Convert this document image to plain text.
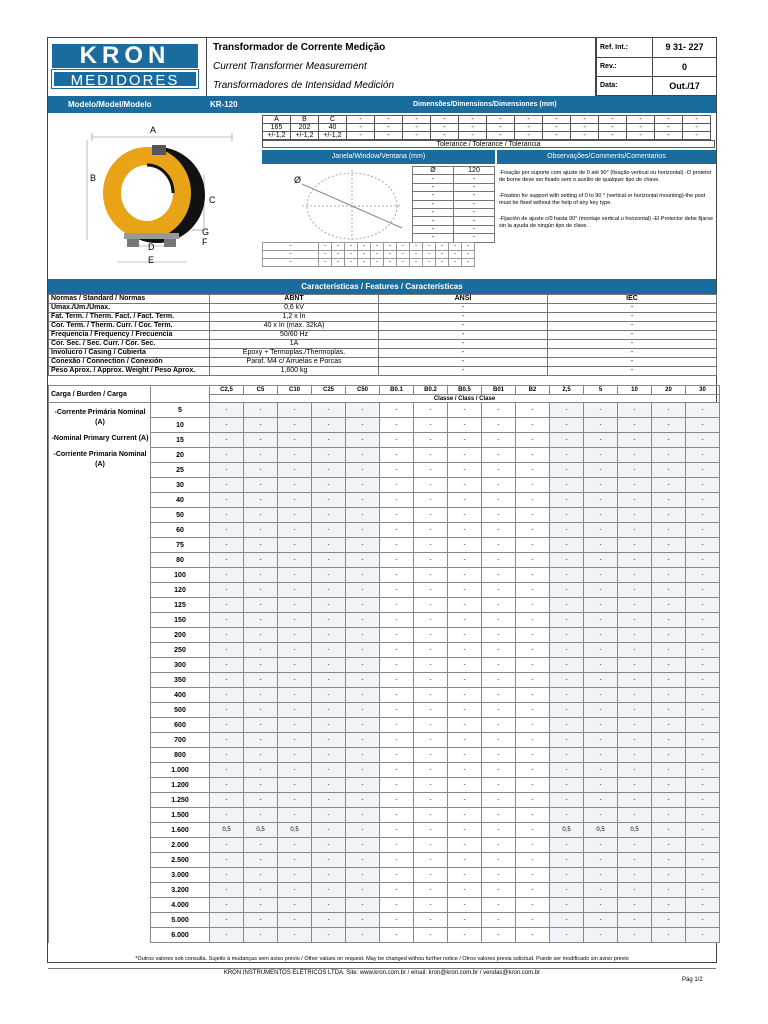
KRON
MEDIDORES
Transformador de Corrente Medição
Current Transformer Measurement
Transformadores de Intensidad Medición
Ref. Int.:	9 31- 227
Rev.:	0
Data:	Out./17
Modelo/Model/Modelo	KR-120	Dimensões/Dimensions/Dimensiones (mm)
A
B
C
D
E
F
G
A	B	C	-	-	-	-	-	-	-	-	-	-	-	-	-
165	202	40	-	-	-	-	-	-	-	-	-	-	-	-	-
+/-1,2	+/-1,2	+/-1,2	-	-	-	-	-	-	-	-	-	-	-	-	-
Tolerance / Tolerance / Tolerancia
Janela/Window/Ventana (mm)	Observações/Comments/Comentarios
Ø
Ø	120
-	-
-	-
-	-
-	-
-	-
-	-
-	-
-	-
-	-	-	-	-	-	-	-	-	-	-	-	-
-	-	-	-	-	-	-	-	-	-	-	-	-
-	-	-	-	-	-	-	-	-	-	-	-	-

-Fixação por suporte com ajuste de 0 até 90° (fixação vertical ou horizontal) -O protetor de borne deve ser fixado sem o auxílio de qualquer tipo de chave.

-Fixation for support with setting of 0 to 90 ° (vertical or horizontal mounting)-the post must be fixed without the help of any key type.

-Fijación de ajuste c/0 hasta 90° (montaje vertical u horizontal) -El Protector debe fijarse sin la ayuda de ningún tipo de clave.

Características / Features / Características
Normas / Standard / Normas	ABNT	ANSI	IEC
Umax./Um./Umax.	0,6 kV	-	-
Fat. Term. / Therm. Fact. / Fact. Term.	1,2 x In	-	-
Cor. Term. / Therm. Curr. / Cor. Term.	40 x In (max. 32kA)	-	-
Frequencia / Frequency / Frecuencia	50/60 Hz	-	-
Cor. Sec. / Sec. Curr. / Cor. Sec.	1A	-	-
Involucro / Casing / Cubierta	Epoxy + Termoplas./Thermoplas.	-	-
Conexão / Connection / Conexión	Paraf. M4 c/ Arruelas e Porcas	-	-
Peso Aprox. / Approx. Weight / Peso Aprox.	1,600 kg	-	-
Carga / Burden / Carga		C2,5	C5	C10	C25	C50	B0.1	B0.2	B0.5	B01	B2	2,5	5	10	20	30
		Classe / Class / Clase														
	5	-	-	-	-	-	-	-	-	-	-	-	-	-	-	-
	10	-	-	-	-	-	-	-	-	-	-	-	-	-	-	-
	15	-	-	-	-	-	-	-	-	-	-	-	-	-	-	-
	20	-	-	-	-	-	-	-	-	-	-	-	-	-	-	-
	25	-	-	-	-	-	-	-	-	-	-	-	-	-	-	-
	30	-	-	-	-	-	-	-	-	-	-	-	-	-	-	-
	40	-	-	-	-	-	-	-	-	-	-	-	-	-	-	-
	50	-	-	-	-	-	-	-	-	-	-	-	-	-	-	-
	60	-	-	-	-	-	-	-	-	-	-	-	-	-	-	-
	75	-	-	-	-	-	-	-	-	-	-	-	-	-	-	-
	80	-	-	-	-	-	-	-	-	-	-	-	-	-	-	-
	100	-	-	-	-	-	-	-	-	-	-	-	-	-	-	-
	120	-	-	-	-	-	-	-	-	-	-	-	-	-	-	-
	125	-	-	-	-	-	-	-	-	-	-	-	-	-	-	-
	150	-	-	-	-	-	-	-	-	-	-	-	-	-	-	-
	200	-	-	-	-	-	-	-	-	-	-	-	-	-	-	-
	250	-	-	-	-	-	-	-	-	-	-	-	-	-	-	-
	300	-	-	-	-	-	-	-	-	-	-	-	-	-	-	-
	350	-	-	-	-	-	-	-	-	-	-	-	-	-	-	-
	400	-	-	-	-	-	-	-	-	-	-	-	-	-	-	-
	500	-	-	-	-	-	-	-	-	-	-	-	-	-	-	-
	600	-	-	-	-	-	-	-	-	-	-	-	-	-	-	-
	700	-	-	-	-	-	-	-	-	-	-	-	-	-	-	-
	800	-	-	-	-	-	-	-	-	-	-	-	-	-	-	-
	1.000	-	-	-	-	-	-	-	-	-	-	-	-	-	-	-
	1.200	-	-	-	-	-	-	-	-	-	-	-	-	-	-	-
	1.250	-	-	-	-	-	-	-	-	-	-	-	-	-	-	-
	1.500	-	-	-	-	-	-	-	-	-	-	-	-	-	-	-
	1.600	0,5	0,5	0,5	-	-	-	-	-	-	-	0,5	0,5	0,5	-	-
	2.000	-	-	-	-	-	-	-	-	-	-	-	-	-	-	-
	2.500	-	-	-	-	-	-	-	-	-	-	-	-	-	-	-
	3.000	-	-	-	-	-	-	-	-	-	-	-	-	-	-	-
	3.200	-	-	-	-	-	-	-	-	-	-	-	-	-	-	-
	4.000	-	-	-	-	-	-	-	-	-	-	-	-	-	-	-
	5.000	-	-	-	-	-	-	-	-	-	-	-	-	-	-	-
	6.000	-	-	-	-	-	-	-	-	-	-	-	-	-	-	-

-Corrente Primária Nominal (A)

-Nominal Primary Current (A)

-Corriente Primaria Nominal (A)

*Outros valores sob consulta. Sujeito à mudanças sem aviso prévio / Other values on request. May be changed withou further notice / Otros valores previa solicitud. Puede ser modificado sin aviso previo
KRON INSTRUMENTOS ELÉTRICOS LTDA. Site: www.kron.com.br / email: kron@kron.com.br / vendas@kron.com.br
Pág 1/2
